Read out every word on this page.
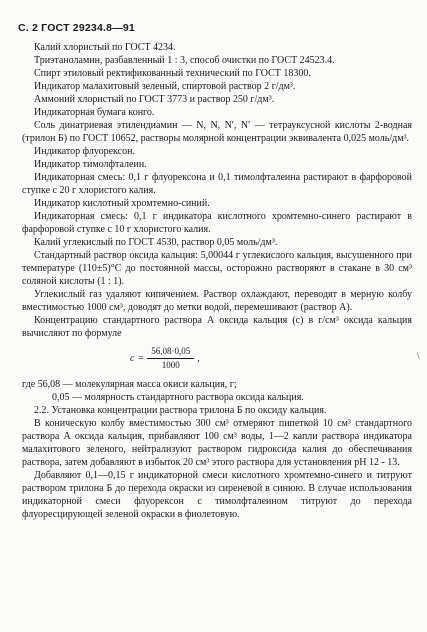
С. 2 ГОСТ 29234.8—91

Калий хлористый по ГОСТ 4234.

Триэтаноламин, разбавленный 1 : 3, способ очистки по ГОСТ 24523.4.

Спирт этиловый ректификованный технический по ГОСТ 18300.

Индикатор малахитовый зеленый, спиртовой раствор 2 г/дм³.

Аммоний хлористый по ГОСТ 3773 и раствор 250 г/дм³.

Индикаторная бумага конго.

Соль динатриевая этилендиамин — N, N, N′, N′ — тетрауксусной кислоты 2-водная (трилон Б) по ГОСТ 10652, растворы молярной концентрации эквивалента 0,025 моль/дм³.

Индикатор флуорексон.

Индикатор тимолфталеин.

Индикаторная смесь: 0,1 г флуорексона и 0,1 тимолфталеина растирают в фарфоровой ступке с 20 г хлористого калия.

Индикатор кислотный хромтемно-синий.

Индикаторная смесь: 0,1 г индикатора кислотного хромтемно-синего растирают в фарфоровой ступке с 10 г хлористого калия.

Калий углекислый по ГОСТ 4530, раствор 0,05 моль/дм³.

Стандартный раствор оксида кальция: 5,00044 г углекислого кальция, высушенного при температуре (110±5)°С до постоянной массы, осторожно растворяют в стакане в 30 см³ соляной кислоты (1 : 1).

Углекислый газ удаляют кипячением. Раствор охлаждают, переводят в мерную колбу вместимостью 1000 см³, доводят до метки водой, перемешивают (раствор А).

Концентрацию стандартного раствора А оксида кальция (с) в г/см³ оксида кальция вычисляют по формуле

$c = \frac{56,08\cdot 0,05}{1000}$ ,	\

где 56,08 — молекулярная масса окиси кальция, г;

0,05 — молярность стандартного раствора оксида кальция.

2.2. Установка концентрации раствора трилона Б по оксиду кальция.

В коническую колбу вместимостью 300 см³ отмеряют пипеткой 10 см³ стандартного раствора А оксида кальция, прибавляют 100 см³ воды, 1—2 капли раствора индикатора малахитового зеленого, нейтрализуют раствором гидроксида калия до обеспечивания раствора, затем добавляют в избыток 20 см³ этого раствора для установления рН 12 - 13.

Добавляют 0,1—0,15 г индикаторной смеси кислотного хромтемно-синего и титруют раствором трилона Б до перехода окраски из сиреневой в синюю. В случае использования индикаторной смеси флуорексон с тимолфталеином титруют до перехода флуоресцирующей зеленой окраски в фиолетовую.
